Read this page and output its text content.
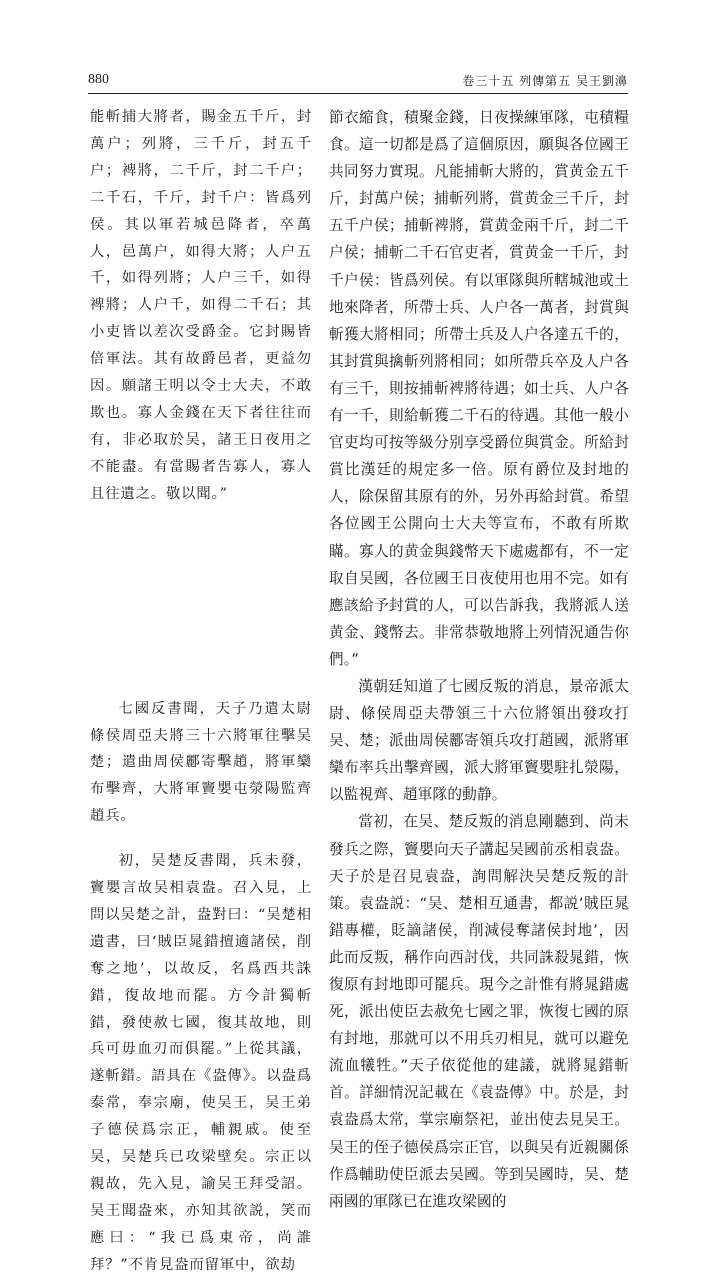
880	卷三十五 列傳第五 吴王劉濞

能斬捕大將者，賜金五千斤，封萬户；列將，三千斤，封五千户；裨將，二千斤，封二千户；二千石，千斤，封千户：皆爲列侯。其以軍若城邑降者，卒萬人，邑萬户，如得大將；人户五千，如得列將；人户三千，如得裨將；人户千，如得二千石；其小吏皆以差次受爵金。它封賜皆倍軍法。其有故爵邑者，更益勿因。願諸王明以令士大夫，不敢欺也。寡人金錢在天下者往往而有，非必取於吴，諸王日夜用之不能盡。有當賜者告寡人，寡人且往遺之。敬以聞。”

七國反書聞，天子乃遣太尉條侯周亞夫將三十六將軍往擊吴楚；遣曲周侯酈寄擊趙，將軍欒布擊齊，大將軍竇嬰屯滎陽監齊趙兵。

初，吴楚反書聞，兵未發，竇嬰言故吴相袁盎。召入見，上問以吴楚之計，盎對曰：“吴楚相遺書，曰‘賊臣晁錯擅適諸侯，削奪之地’，以故反，名爲西共誅錯，復故地而罷。方今計獨斬錯，發使赦七國，復其故地，則兵可毋血刃而俱罷。”上從其議，遂斬錯。語具在《盎傳》。以盎爲泰常，奉宗廟，使吴王，吴王弟子德侯爲宗正，輔親戚。使至吴，吴楚兵已攻梁壁矣。宗正以親故，先入見，諭吴王拜受詔。吴王聞盎來，亦知其欲説，笑而應曰：“我已爲東帝，尚誰拜？”不肯見盎而留軍中，欲劫

節衣縮食，積聚金錢，日夜操練軍隊，屯積糧食。這一切都是爲了這個原因，願與各位國王共同努力實現。凡能捕斬大將的，賞黄金五千斤，封萬户侯；捕斬列將，賞黄金三千斤，封五千户侯；捕斬裨將，賞黄金兩千斤，封二千户侯；捕斬二千石官吏者，賞黄金一千斤，封千户侯：皆爲列侯。有以軍隊與所轄城池或土地來降者，所帶士兵、人户各一萬者，封賞與斬獲大將相同；所帶士兵及人户各達五千的，其封賞與擒斬列將相同；如所帶兵卒及人户各有三千，則按捕斬裨將待遇；如士兵、人户各有一千，則給斬獲二千石的待遇。其他一般小官吏均可按等級分别享受爵位與賞金。所給封賞比漢廷的規定多一倍。原有爵位及封地的人，除保留其原有的外，另外再給封賞。希望各位國王公開向士大夫等宣布，不敢有所欺瞞。寡人的黄金與錢幣天下處處都有，不一定取自吴國，各位國王日夜使用也用不完。如有應該給予封賞的人，可以告訴我，我將派人送黄金、錢幣去。非常恭敬地將上列情況通告你們。”

漢朝廷知道了七國反叛的消息，景帝派太尉、條侯周亞夫帶領三十六位將領出發攻打吴、楚；派曲周侯酈寄領兵攻打趙國，派將軍欒布率兵出擊齊國，派大將軍竇嬰駐扎滎陽，以監視齊、趙軍隊的動静。

當初，在吴、楚反叛的消息剛聽到、尚未發兵之際，竇嬰向天子講起吴國前丞相袁盎。天子於是召見袁盎，詢問解決吴楚反叛的計策。袁盎説：“吴、楚相互通書，都説‘賊臣晁錯專權，貶謫諸侯，削減侵奪諸侯封地’，因此而反叛，稱作向西討伐，共同誅殺晁錯，恢復原有封地即可罷兵。現今之計惟有將晁錯處死，派出使臣去赦免七國之罪，恢復七國的原有封地，那就可以不用兵刃相見，就可以避免流血犧牲。”天子依從他的建議，就將晁錯斬首。詳細情況記載在《袁盎傳》中。於是，封袁盎爲太常，掌宗廟祭祀，並出使去見吴王。吴王的侄子德侯爲宗正官，以與吴有近親關係作爲輔助使臣派去吴國。等到吴國時，吴、楚兩國的軍隊已在進攻梁國的
